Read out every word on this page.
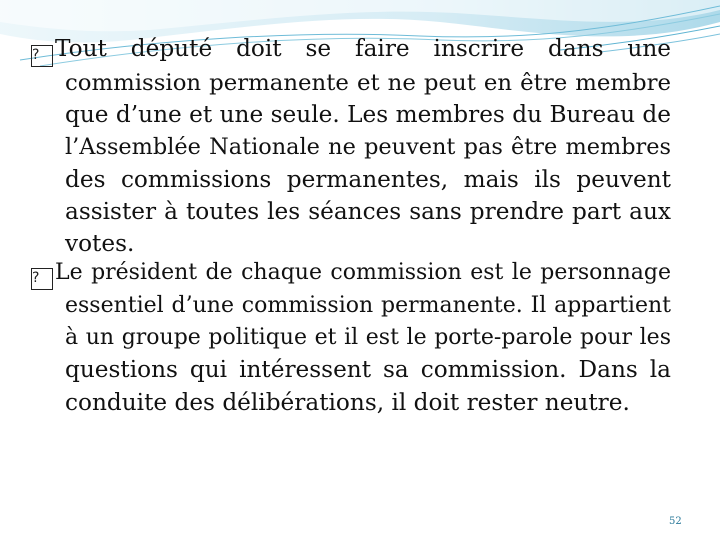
? Tout député doit se faire inscrire dans une
commission permanente et ne peut en être membre
que d’une et une seule. Les membres du Bureau de
l’Assemblée Nationale ne peuvent pas être membres
des commissions permanentes, mais ils peuvent
assister à toutes les séances sans prendre part aux
votes.
? Le président de chaque commission est le personnage
essentiel d’une commission permanente. Il appartient
à un groupe politique et il est le porte-parole pour les
questions qui intéressent sa commission. Dans la
conduite des délibérations, il doit rester neutre.
52
